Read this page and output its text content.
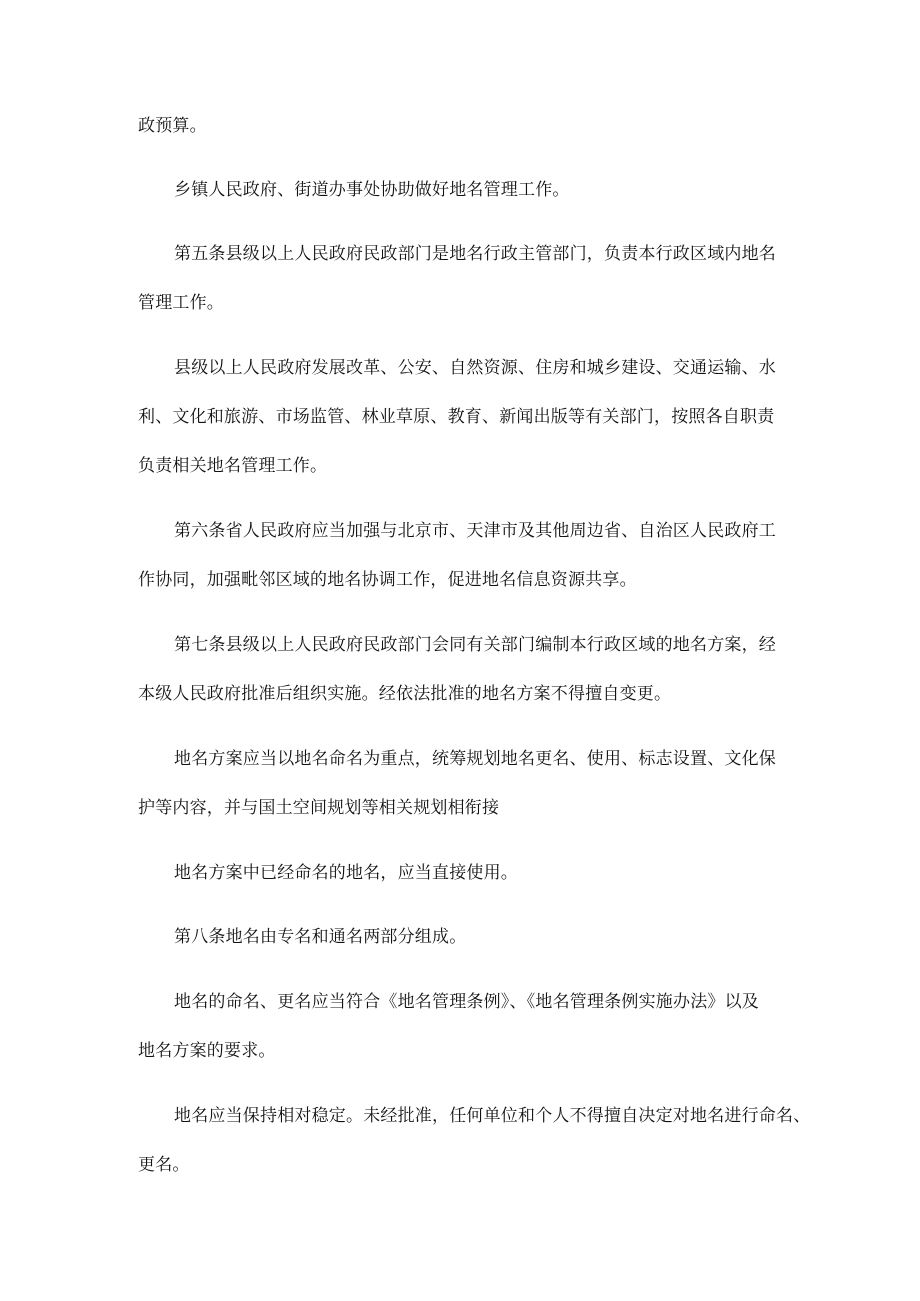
政预算。
乡镇人民政府、街道办事处协助做好地名管理工作。
第五条县级以上人民政府民政部门是地名行政主管部门，负责本行政区域内地名
管理工作。
县级以上人民政府发展改革、公安、自然资源、住房和城乡建设、交通运输、水
利、文化和旅游、市场监管、林业草原、教育、新闻出版等有关部门，按照各自职责
负责相关地名管理工作。
第六条省人民政府应当加强与北京市、天津市及其他周边省、自治区人民政府工
作协同，加强毗邻区域的地名协调工作，促进地名信息资源共享。
第七条县级以上人民政府民政部门会同有关部门编制本行政区域的地名方案，经
本级人民政府批准后组织实施。经依法批准的地名方案不得擅自变更。
地名方案应当以地名命名为重点，统筹规划地名更名、使用、标志设置、文化保
护等内容，并与国土空间规划等相关规划相衔接
地名方案中已经命名的地名，应当直接使用。
第八条地名由专名和通名两部分组成。
地名的命名、更名应当符合《地名管理条例》、《地名管理条例实施办法》以及
地名方案的要求。
地名应当保持相对稳定。未经批准，任何单位和个人不得擅自决定对地名进行命名、
更名。
